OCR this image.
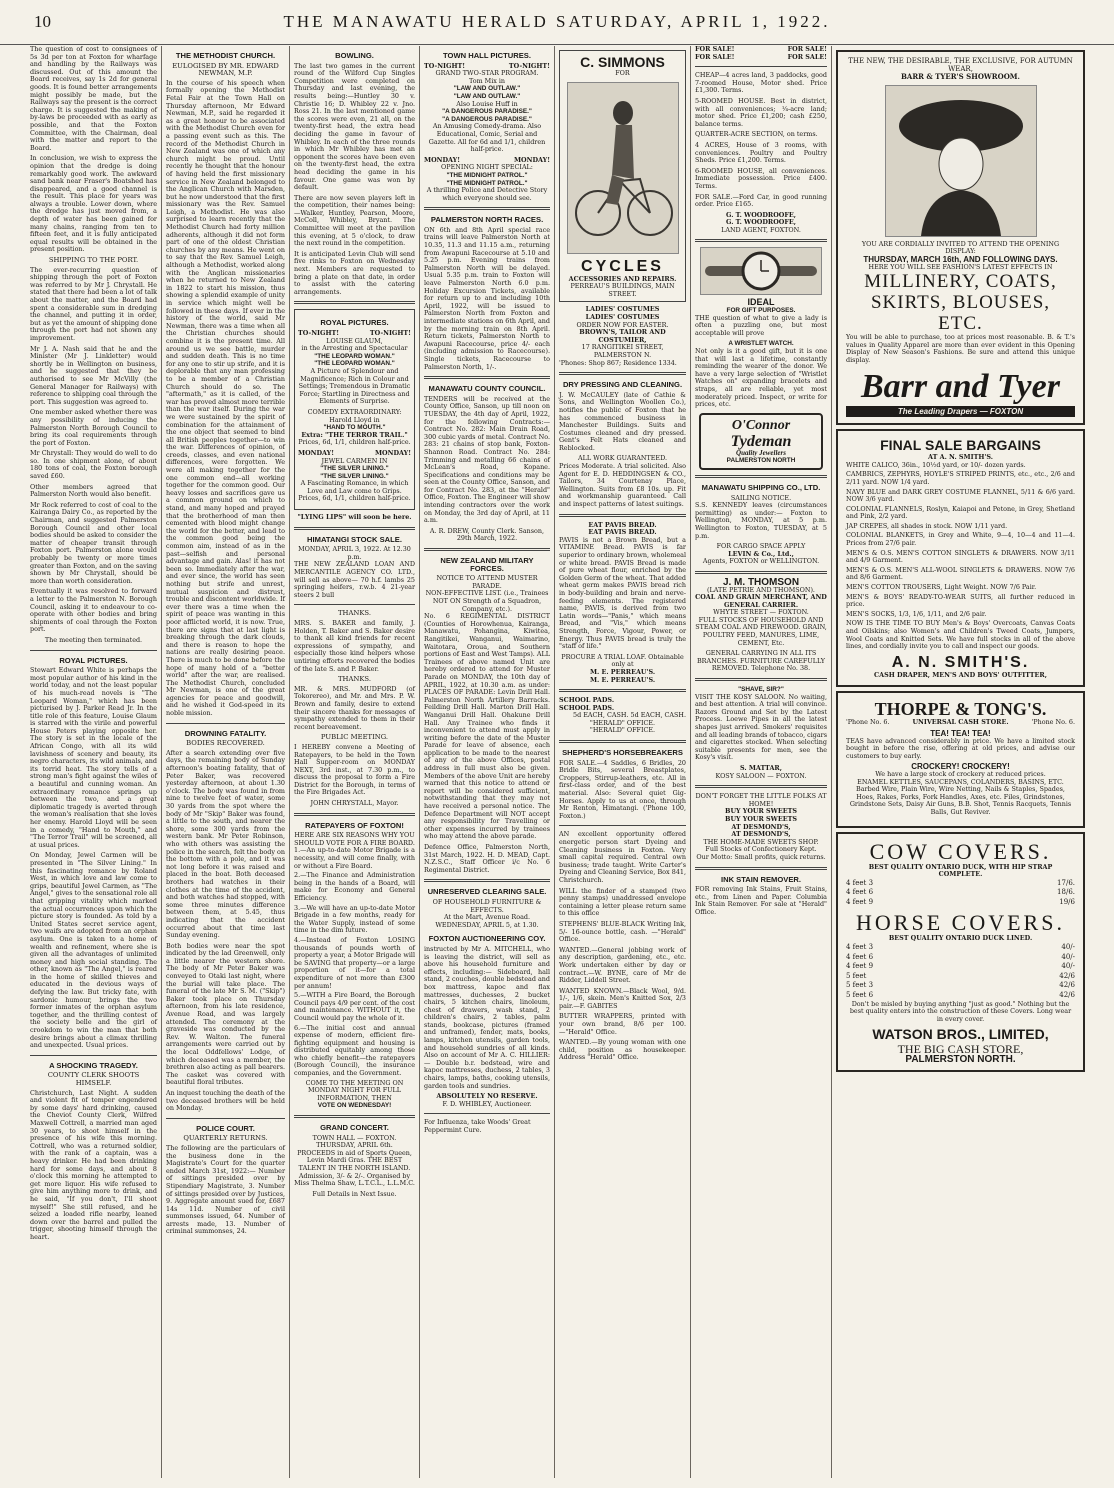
10	THE MANAWATU HERALD SATURDAY, APRIL 1, 1922.

The question of cost to consignees of 5s 3d per ton at Foxton for wharfage and handling by the Railways was discussed. Out of this amount the Board receives, say 1s 2d for general goods. It is found better arrangements might possibly be made, but the Railways say the present is the correct charge. It is suggested the making of by-laws be proceeded with as early as possible, and that the Foxton Committee, with the Chairman, deal with the matter and report to the Board.

In conclusion, we wish to express the opinion that the dredge is doing remarkably good work. The awkward sand bank near Fraser's Boatshed has disappeared, and a good channel is the result. This place for years was always a trouble. Lower down, where the dredge has just moved from, a depth of water has been gained for many chains, ranging from ten to fifteen feet, and it is fully anticipated equal results will be obtained in the present position.

SHIPPING TO THE PORT.

The ever-recurring question of shipping through the port of Foxton was referred to by Mr J. Chrystall. He stated that there had been a lot of talk about the matter, and the Board had spent a considerable sum in dredging the channel, and putting it in order, but as yet the amount of shipping done through the port had not shown any improvement.

Mr J. A. Nash said that he and the Minister (Mr J. Linkletter) would shortly be in Wellington on business, and he suggested that they be authorised to see Mr McVilly (the General Manager for Railways) with reference to shipping coal through the port. This suggestion was agreed to.

One member asked whether there was any possibility of inducing the Palmerston North Borough Council to bring its coal requirements through the port of Foxton.

Mr Chrystall: They would do well to do so. In one shipment alone, of about 180 tons of coal, the Foxton borough saved £60.

Other members agreed that Palmerston North would also benefit.

Mr Rock referred to cost of coal to the Kairanga Dairy Co., as reported by the Chairman, and suggested Palmerston Borough Council and other local bodies should be asked to consider the matter of cheaper transit through Foxton port. Palmerston alone would probably be twenty or more times greater than Foxton, and on the saving shown by Mr Chrystall, should be more than worth consideration.

Eventually it was resolved to forward a letter to the Palmerston N. Borough Council, asking it to endeavour to co-operate with other bodies and bring shipments of coal through the Foxton port.

The meeting then terminated.

ROYAL PICTURES.

Stewart Edward White is perhaps the most popular author of his kind in the world today, and not the least popular of his much-read novels is "The Leopard Woman," which has been picturised by J. Parker Read Jr. In the title role of this feature, Louise Glaum is starred with the virile and powerful House Peters playing opposite her. The story is set in the locale of the African Congo, with all its wild lavishness of scenery and beauty, its negro characters, its wild animals, and its torrid heat. The story tells of a strong man's fight against the wiles of a beautiful and cunning woman. An extraordinary romance springs up between the two, and a great diplomatic tragedy is averted through the woman's realisation that she loves her enemy. Harold Lloyd will be seen in a comedy, "Hand to Mouth," and "The Terror Trail" will be screened, all at usual prices.

On Monday, Jewel Carmen will be presented in "The Silver Lining." In this fascinating romance by Roland West, in which love and law come to grips, beautiful Jewel Carmen, as "The Angel," gives to the sensational role all that gripping vitality which marked the actual occurrences upon which the picture story is founded. As told by a United States secret service agent, two waifs are adopted from an orphan asylum. One is taken to a home of wealth and refinement, where she is given all the advantages of unlimited money and high social standing. The other, known as "The Angel," is reared in the home of skilled thieves and educated in the devious ways of defying the law. But tricky fate, with sardonic humour, brings the two former inmates of the orphan asylum together, and the thrilling contest of the society belle and the girl of crookdom to win the man that both desire brings about a climax thrilling and unexpected. Usual prices.

A SHOCKING TRAGEDY.
COUNTY CLERK SHOOTS HIMSELF.

Christchurch, Last Night. A sudden and violent fit of temper engendered by some days' hard drinking, caused the Cheviot County Clerk, Wilfred Maxwell Cottrell, a married man aged 30 years, to shoot himself in the presence of his wife this morning. Cottrell, who was a returned soldier, with the rank of a captain, was a heavy drinker. He had been drinking hard for some days, and about 8 o'clock this morning he attempted to get more liquor. His wife refused to give him anything more to drink, and he said, "If you don't, I'll shoot myself!" She still refused, and he seized a loaded rifle nearby, leaned down over the barrel and pulled the trigger, shooting himself through the heart.

THE METHODIST CHURCH.
EULOGISED BY MR. EDWARD NEWMAN, M.P.

In the course of his speech when formally opening the Methodist Fetal Fair at the Town Hall on Thursday afternoon, Mr Edward Newman, M.P., said he regarded it as a great honour to be associated with the Methodist Church even for a passing event such as this. The record of the Methodist Church in New Zealand was one of which any church might be proud. Until recently he thought that the honour of having held the first missionary service in New Zealand belonged to the Anglican Church with Marsden, but he now understood that the first missionary was the Rev. Samuel Leigh, a Methodist. He was also surprised to learn recently that the Methodist Church had forty million adherents, although it did not form part of one of the oldest Christian churches by any means. He went on to say that the Rev. Samuel Leigh, although a Methodist, worked along with the Anglican missionaries when he returned to New Zealand in 1822 to start his mission, thus showing a splendid example of unity in service which might well be followed in these days. If ever in the history of the world, said Mr Newman, there was a time when all the Christian churches should combine it is the present time. All around us we see battle, murder and sudden death. This is no time for any one to stir up strife, and it is deplorable that any man professing to be a member of a Christian Church should do so. The "aftermath," as it is called, of the war has proved almost more terrible than the war itself. During the war we were sustained by the spirit of combination for the attainment of the one object that seemed to bind all British peoples together—to win the war. Differences of opinion, of creeds, classes, and even national differences, were forgotten. We were all making together for the one common end—all working together for the common good. Our heavy losses and sacrifices gave us a common ground on which to stand, and many hoped and prayed that the brotherhood of man then cemented with blood might change the world for the better, and lead to the common good being the common aim, instead of as in the past—selfish and personal advantage and gain. Alas! it has not been so. Immediately after the war, and ever since, the world has seen nothing but strife and unrest, mutual suspicion and distrust, trouble and discontent worldwide. If ever there was a time when the spirit of peace was wanting in this poor afflicted world, it is now. True, there are signs that at last light is breaking through the dark clouds, and there is reason to hope the nations are really desiring peace. There is much to be done before the hope of many hold of a "better world" after the war, are realised. The Methodist Church, concluded Mr Newman, is one of the great agencies for peace and goodwill, and he wished it God-speed in its noble mission.

DROWNING FATALITY.
BODIES RECOVERED.

After a search extending over five days, the remaining body of Sunday afternoon's boating fatality, that of Peter Baker, was recovered yesterday afternoon, at about 1.30 o'clock. The body was found in from nine to twelve feet of water, some 30 yards from the spot where the body of Mr "Skip" Baker was found, a little to the south, and nearer the shore, some 300 yards from the western bank. Mr Peter Robinson, who with others was assisting the police in the search, felt the body on the bottom with a pole, and it was not long before it was raised and placed in the boat. Both deceased brothers had watches in their clothes at the time of the accident, and both watches had stopped, with some three minutes difference between them, at 5.45, thus indicating that the accident occurred about that time last Sunday evening.

Both bodies were near the spot indicated by the lad Greenwell, only a little nearer the western shore. The body of Mr Peter Baker was conveyed to Otaki last night, where the burial will take place. The funeral of the late Mr S. M. ("Skip") Baker took place on Thursday afternoon, from his late residence, Avenue Road, and was largely attended. The ceremony at the graveside was conducted by the Rev. W. Walton. The funeral arrangements were carried out by the local Oddfellows' Lodge, of which deceased was a member, the brethren also acting as pall bearers. The casket was covered with beautiful floral tributes.

An inquest touching the death of the two deceased brothers will be held on Monday.

POLICE COURT.
QUARTERLY RETURNS.

The following are the particulars of the business done in the Magistrate's Court for the quarter ended March 31st, 1922:— Number of sittings presided over by Stipendiary Magistrate, 3. Number of sittings presided over by Justices, 9. Aggregate amount sued for, £687 14s 11d. Number of civil summonses issued, 64. Number of arrests made, 13. Number of criminal summonses, 24.

BOWLING.

The last two games in the current round of the Wilford Cup Singles Competition were completed on Thursday and last evening, the results being:—Huntley 30 v. Christie 16; D. Whibley 22 v. Jno. Ross 21. In the last mentioned game the scores were even, 21 all, on the twenty-first head, the extra head deciding the game in favour of Whibley. In each of the three rounds in which Mr Whibley has met an opponent the scores have been even on the twenty-first head, the extra head deciding the game in his favour. One game was won by default.

There are now seven players left in the competition, their names being:—Walker, Huntley, Pearson, Moore, McColl, Whibley, Bryant. The Committee will meet at the pavilion this evening, at 5 o'clock, to draw the next round in the competition.

It is anticipated Levin Club will send five rinks to Foxton on Wednesday next. Members are requested to bring a plate on that date, in order to assist with the catering arrangements.

ROYAL PICTURES.
TO-NIGHT!	TO-NIGHT!
LOUISE GLAUM,
in the Arresting and Spectacular
"THE LEOPARD WOMAN."
"THE LEOPARD WOMAN."

A Picture of Splendour and Magnificence; Rich in Colour and Settings; Tremendous in Dramatic Force; Startling in Directness and Elements of Surprise.

COMEDY EXTRAORDINARY: Harold Lloyd in
"HAND TO MOUTH."
Extra: "THE TERROR TRAIL."
Prices, 6d, 1/1, children half-price.
MONDAY!	MONDAY!
JEWEL CARMEN IN
"THE SILVER LINING."
"THE SILVER LINING."

A Fascinating Romance, in which Love and Law come to Grips. Prices, 6d, 1/1, children half-price.

"LYING LIPS" will soon be here.
HIMATANGI STOCK SALE.
MONDAY, APRIL 3, 1922. At 12.30 p.m.

THE NEW ZEALAND LOAN AND MERCANTILE AGENCY CO. LTD., will sell as above— 70 h.f. lambs 25 springing heifers, r.w.b. 4 21-year steers 2 bull

THANKS.

MRS. S. BAKER and family, J. Holden, T. Baker and S. Baker desire to thank all kind friends for recent expressions of sympathy, and especially those kind helpers whose untiring efforts recovered the bodies of the late S. and P. Baker.

THANKS.

MR. & MRS. MUDFORD (of Tokorereo), and Mr. and Mrs. P. W. Brown and family, desire to extend their sincere thanks for messages of sympathy extended to them in their recent bereavement.

PUBLIC MEETING.

I HEREBY convene a Meeting of Ratepayers, to be held in the Town Hall Supper-room on MONDAY NEXT, 3rd inst., at 7.30 p.m., to discuss the proposal to form a Fire District for the Borough, in terms of the Fire Brigades Act.

JOHN CHRYSTALL, Mayor.
RATEPAYERS OF FOXTON!
HERE ARE SIX REASONS WHY YOU SHOULD VOTE FOR A FIRE BOARD.

1.—An up-to-date Motor Brigade is a necessity, and will come finally, with or without a Fire Board.

2.—The Finance and Administration being in the hands of a Board, will make for Economy and General Efficiency.

3.—We will have an up-to-date Motor Brigade in a few months, ready for the Water Supply, instead of some time in the dim future.

4.—Instead of Foxton LOSING thousands of pounds worth of property a year, a Motor Brigade will be SAVING that property—or a large proportion of it—for a total expenditure of not more than £300 per annum!

5.—WITH a Fire Board, the Borough Council pays 4/9 per cent. of the cost and maintenance. WITHOUT it, the Council would pay the whole of it.

6.—The initial cost and annual expense of modern, efficient fire-fighting equipment and housing is distributed equitably among those who chiefly benefit—the ratepayers (Borough Council), the insurance companies, and the Government.

COME TO THE MEETING ON MONDAY NIGHT FOR FULL INFORMATION, THEN
VOTE ON WEDNESDAY!
GRAND CONCERT.
TOWN HALL — FOXTON. THURSDAY, APRIL 6th.

PROCEEDS in aid of Sports Queen, Levin Mardi Gras. THE BEST TALENT IN THE NORTH ISLAND. Admission, 3/- & 2/-. Organised by Miss Thelma Shaw, L.T.C.L., L.L.M.C.

Full Details in Next Issue.
TOWN HALL PICTURES.
TO-NIGHT!	TO-NIGHT!
GRAND TWO-STAR PROGRAM.
Tom Mix in
"LAW AND OUTLAW."
"LAW AND OUTLAW."
Also Louise Huff in
"A DANGEROUS PARADISE."
"A DANGEROUS PARADISE."

An Amusing Comedy-drama. Also Educational, Comic, Serial and Gazette. All for 6d and 1/1, children half-price.

MONDAY!	MONDAY!
OPENING NIGHT SPECIAL:
"THE MIDNIGHT PATROL."
"THE MIDNIGHT PATROL."

A thrilling Police and Detective Story which everyone should see.

PALMERSTON NORTH RACES.

ON 6th and 8th April special race trains will leave Palmerston North at 10.35, 11.3 and 11.15 a.m., returning from Awapuni Racecourse at 5.10 and 5.25 p.m. Evening trains from Palmerston North will be delayed. Usual 5.35 p.m. train to Foxton will leave Palmerston North 6.0 p.m. Holiday Excursion Tickets, available for return up to and including 10th April, 1922, will be issued to Palmerston North from Foxton and intermediate stations on 6th April, and by the morning train on 8th April. Return tickets, Palmerston North to Awapuni Racecourse, price 4/- each (including admission to Racecourse). Single tickets, Racecourse to Palmerston North, 1/-.

MANAWATU COUNTY COUNCIL.

TENDERS will be received at the County Office, Sanson, up till noon on TUESDAY, the 4th day of April, 1922, for the following Contracts:— Contract No. 282: Main Drain Road, 300 cubic yards of metal. Contract No. 283: 21 chains of stop bank, Foxton-Shannon Road. Contract No. 284: Trimming and metalling 66 chains of McLean's Road, Kopane. Specifications and conditions may be seen at the County Office, Sanson, and for Contract No. 283, at the "Herald" Office, Foxton. The Engineer will show intending contractors over the work on Monday, the 3rd day of April, at 11 a.m.

A. R. DREW, County Clerk. Sanson, 29th March, 1922.
NEW ZEALAND MILITARY FORCES.
NOTICE TO ATTEND MUSTER PARADE.
NON-EFFECTIVE LIST. (i.e., Trainees NOT ON Strength of a Squadron, Company, etc.).

No. 6 REGIMENTAL DISTRICT (Counties of Horowhenua, Kairanga, Manawatu, Pohangina, Kiwitea, Rangitikei, Wanganui, Waimarino, Waitotara, Oroua, and Southern portions of East and West Tamps). ALL Trainees of above named Unit are hereby ordered to attend for Muster Parade on MONDAY, the 10th day of APRIL, 1922, at 10.30 a.m. as under: PLACES OF PARADE: Levin Drill Hall. Palmerston North Artillery Barracks. Feilding Drill Hall. Marton Drill Hall. Wanganui Drill Hall. Ohakune Drill Hall. Any Trainee who finds it inconvenient to attend must apply in writing before the date of the Muster Parade for leave of absence, each application to be made to the nearest of any of the above Offices, postal address in full must also be given. Members of the above Unit are hereby warned that this notice to attend or report will be considered sufficient, notwithstanding that they may not have received a personal notice. The Defence Department will NOT accept any responsibility for Travelling or other expenses incurred by trainees who may attend the above parade.

Defence Office, Palmerston North, 31st March, 1922. H. D. MEAD, Capt. N.Z.S.C., Staff Officer i/c No. 6 Regimental District.

UNRESERVED CLEARING SALE.
OF HOUSEHOLD FURNITURE & EFFECTS.
At the Mart, Avenue Road. WEDNESDAY, APRIL 5, at 1.30.
FOXTON AUCTIONEERING COY.

instructed by Mr A. MITCHELL, who is leaving the district, will sell as above his household furniture and effects, including:— Sideboard, hall stand, 2 couches, double bedstead and box mattress, kapoc and flax mattresses, duchesses, 2 bucket chairs, 5 kitchen chairs, linoleum, chest of drawers, wash stand, 2 children's chairs, 2 tables, palm stands, bookcase, pictures (framed and unframed), fender, mats, books, lamps, kitchen utensils, garden tools, and household sundries of all kinds. Also on account of Mr A. C. HILLIER:— Double b.r. bedstead, wire and kapoc mattresses, duchess, 2 tables, 3 chairs, lamps, baths, cooking utensils, garden tools and sundries.

ABSOLUTELY NO RESERVE.
F. D. WHIBLEY, Auctioneer.
For Influenza, take Woods' Great Peppermint Cure.
C. SIMMONS
FOR
CYCLES
ACCESSORIES AND REPAIRS.
PERREAU'S BUILDINGS, MAIN STREET.
LADIES' COSTUMES
LADIES' COSTUMES
ORDER NOW FOR EASTER.
BROWN'S, TAILOR AND COSTUMIER,
17 RANGITIKEI STREET, PALMERSTON N.
'Phones: Shop 867; Residence 1334.
DRY PRESSING AND CLEANING.

J. W. McCAULEY (late of Cathie & Sons, and Wellington Woollen Co.), notifies the public of Foxton that he has commenced business in Manchester Buildings. Suits and Costumes cleaned and dry pressed. Gent's Felt Hats cleaned and Reblocked.

ALL WORK GUARANTEED.

Prices Moderate. A trial solicited. Also Agent for E. D. HEDDINGSEN & CO., Tailors, 34 Courtenay Place, Wellington. Suits from £8 10s. up. Fit and workmanship guaranteed. Call and inspect patterns of latest suitings.

EAT PAVIS BREAD.
EAT PAVIS BREAD.

PAVIS is not a Brown Bread, but a VITAMINE Bread. PAVIS is far superior to ordinary brown, wholemeal or white bread. PAVIS Bread is made of pure wheat flour, enriched by the Golden Germ of the wheat. That added wheat germ makes PAVIS bread rich in body-building and brain and nerve-feeding elements. The registered name, PAVIS, is derived from two Latin words—"Panis," which means Bread, and "Vis," which means Strength, Force, Vigour, Power, or Energy. Thus PAVIS bread is truly the "staff of life."

PROCURE A TRIAL LOAF. Obtainable only at
M. E. PERREAU'S.
M. E. PERREAU'S.
SCHOOL PADS.
SCHOOL PADS.
5d EACH, CASH. 5d EACH, CASH.
"HERALD" OFFICE.
"HERALD" OFFICE.
SHEPHERD'S HORSEBREAKERS

FOR SALE.—4 Saddles, 6 Bridles, 20 Bridle Bits, several Breastplates, Croppers, Stirrup-leathers, etc. All in first-class order, and of the best material. Also: Several quiet Gig-Horses. Apply to us at once, through Mr Renton, Himatangi. ('Phone 100, Foxton.)

AN excellent opportunity offered energetic person start Dyeing and Cleaning business in Foxton. Very small capital required. Central own business; trade taught. Write Carter's Dyeing and Cleaning Service, Box 841, Christchurch.

WILL the finder of a stamped (two penny stamps) unaddressed envelope containing a letter please return same to this office

STEPHENS' BLUE-BLACK Writing Ink, 5/- 16-ounce bottle, cash. —"Herald" Office.

WANTED.—General jobbing work of any description, gardening, etc., etc. Work undertaken either by day or contract.—W. BYNE, care of Mr de Ridder, Liddell Street.

WANTED KNOWN.—Black Wool, 9/d. 1/-, 1/6, skein. Men's Knitted Sox, 2/3 pair.—F. GABITES

BUTTER WRAPPERS, printed with your own brand, 8/6 per 100. —"Herald" Office.

WANTED.—By young woman with one child, position as housekeeper. Address "Herald" Office.

FOR SALE!	FOR SALE!
FOR SALE!	FOR SALE!

CHEAP—4 acres land, 3 paddocks, good 7-roomed House, Motor shed. Price £1,300. Terms.

5-ROOMED HOUSE. Best in district, with all conveniences; ¼-acre land; motor shed. Price £1,200; cash £250, balance terms.

QUARTER-ACRE SECTION, on terms.

4 ACRES, House of 3 rooms, with conveniences. Poultry and Poultry Sheds. Price £1,200. Terms.

6-ROOMED HOUSE, all conveniences. Immediate possession. Price £400. Terms.

FOR SALE.—Ford Car, in good running order. Price £165.

G. T. WOODROOFE,
G. T. WOODROOFE,
LAND AGENT, FOXTON.
IDEAL
FOR GIFT PURPOSES.

THE question of what to give a lady is often a puzzling one, but most acceptable will prove

A WRISTLET WATCH.

Not only is it a good gift, but it is one that will last a lifetime, constantly reminding the wearer of the donor. We have a very large selection of "Wristlet Watches on" expanding bracelets and straps, all are reliable, yet most moderately priced. Inspect, or write for prices, etc.

O'Connor
Tydeman
Quality Jewellers
PALMERSTON NORTH
MANAWATU SHIPPING CO., LTD.
SAILING NOTICE.

S.S. KENNEDY leaves (circumstances permitting) as under:— Foxton to Wellington, MONDAY, at 5 p.m. Wellington to Foxton, TUESDAY, at 5 p.m.

FOR CARGO SPACE APPLY
LEVIN & Co., Ltd.,
Agents, FOXTON or WELLINGTON.
J. M. THOMSON
(LATE PETRIE AND THOMSON).
COAL AND GRAIN MERCHANT, AND GENERAL CARRIER.
WHYTE STREET — FOXTON.

FULL STOCKS OF HOUSEHOLD AND STEAM COAL AND FIREWOOD. GRAIN, POULTRY FEED, MANURES, LIME, CEMENT, Etc.

GENERAL CARRYING IN ALL ITS BRANCHES. FURNITURE CAREFULLY REMOVED. Telephone No. 38.

"SHAVE, SIR?"

VISIT THE KOSY SALOON. No waiting, and best attention. A trial will convince. Razors Ground and Set by the Latest Process. Loewe Pipes in all the latest shapes just arrived. Smokers' requisites and all leading brands of tobacco, cigars and cigarettes stocked. When selecting suitable presents for men, see the Kosy's visit.

S. MATTAR,
KOSY SALOON — FOXTON.
DON'T FORGET THE LITTLE FOLKS AT HOME!
BUY YOUR SWEETS
BUY YOUR SWEETS
AT DESMOND'S,
AT DESMOND'S,
THE HOME-MADE SWEETS SHOP.
Full Stocks of Confectionery Kept.
Our Motto: Small profits, quick returns.
INK STAIN REMOVER.

FOR removing Ink Stains, Fruit Stains, etc., from Linen and Paper. Columbia Ink Stain Remover. For sale at "Herald" Office.

THE NEW, THE DESIRABLE, THE EXCLUSIVE, FOR AUTUMN WEAR,
BARR & TYER'S SHOWROOM.
YOU ARE CORDIALLY INVITED TO ATTEND THE OPENING DISPLAY:
THURSDAY, MARCH 16th, AND FOLLOWING DAYS.
HERE YOU WILL SEE FASHION'S LATEST EFFECTS IN
MILLINERY, COATS,
SKIRTS, BLOUSES, ETC.

You will be able to purchase, too at prices most reasonable. B. & T.'s values in Quality Apparel are more than ever evident in this Opening Display of New Season's Fashions. Be sure and attend this unique display.

Barr and Tyer
The Leading Drapers — FOXTON
FINAL SALE BARGAINS
AT A. N. SMITH'S.

WHITE CALICO, 36in., 10½d yard, or 10/- dozen yards.

CAMBRICS, ZEPHYRS, HOYLE'S STRIPED PRINTS, etc., etc., 2/6 and 2/11 yard. NOW 1/4 yard.

NAVY BLUE and DARK GREY COSTUME FLANNEL, 5/11 & 6/6 yard. NOW 3/6 yard.

COLONIAL FLANNELS, Roslyn, Kaiapoi and Petone, in Grey, Shetland and Pink, 2/2 yard.

JAP CREPES, all shades in stock. NOW 1/11 yard.

COLONIAL BLANKETS, in Grey and White, 9—4, 10—4 and 11—4. Prices from 27/6 pair.

MEN'S & O.S. MEN'S COTTON SINGLETS & DRAWERS. NOW 3/11 and 4/9 Garment.

MEN'S & O.S. MEN'S ALL-WOOL SINGLETS & DRAWERS. NOW 7/6 and 8/6 Garment.

MEN'S COTTON TROUSERS, Light Weight. NOW 7/6 Pair.

MEN'S & BOYS' READY-TO-WEAR SUITS, all further reduced in price.

MEN'S SOCKS, 1/3, 1/6, 1/11, and 2/6 pair.

NOW IS THE TIME TO BUY Men's & Boys' Overcoats, Canvas Coats and Oilskins; also Women's and Children's Tweed Coats, Jumpers, Wool Coats and Knitted Sets. We have full stocks in all of the above lines, and cordially invite you to call and inspect our goods.

A. N. SMITH'S.
CASH DRAPER, MEN'S AND BOYS' OUTFITTER,
THORPE & TONG'S.
'Phone No. 6.	UNIVERSAL CASH STORE.	'Phone No. 6.
TEA! TEA! TEA!

TEAS have advanced considerably in price. We have a limited stock bought in before the rise, offering at old prices, and advise our customers to buy early.

CROCKERY! CROCKERY!
We have a large stock of crockery at reduced prices.
ENAMEL KETTLES, SAUCEPANS, COLANDERS, BASINS, ETC.

Barbed Wire, Plain Wire, Wire Netting, Nails & Staples, Spades, Hoes, Rakes, Forks, Fork Handles, Axes, etc. Files, Grindstones, Grindstone Sets, Daisy Air Guns, B.B. Shot, Tennis Racquets, Tennis Balls, Gut Reviver.

COW COVERS.
BEST QUALITY ONTARIO DUCK, WITH HIP STRAP COMPLETE.
4 feet 3	17/6.
4 feet 6	18/6.
4 feet 9	19/6
HORSE COVERS.
BEST QUALITY ONTARIO DUCK LINED.
4 feet 3	40/-
4 feet 6	40/-
4 feet 9	40/-
5 feet	42/6
5 feet 3	42/6
5 feet 6	42/6

Don't be misled by buying anything "just as good." Nothing but the best quality enters into the construction of these Covers. Long wear in every cover.

WATSON BROS., LIMITED,
THE BIG CASH STORE,
PALMERSTON NORTH.
